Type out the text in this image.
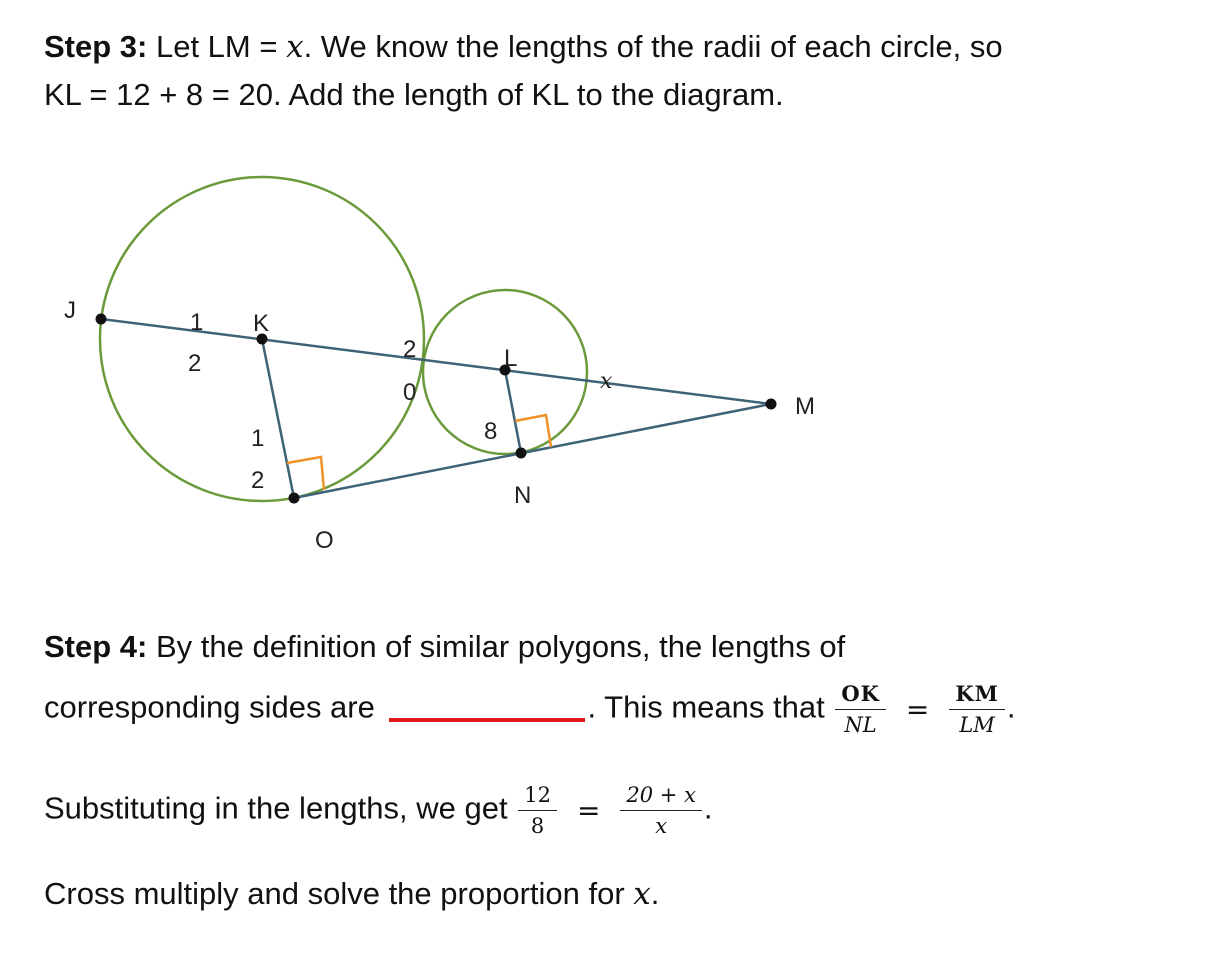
Step 3: Let LM = x. We know the lengths of the radii of each circle, so
KL = 12 + 8 = 20. Add the length of KL to the diagram.
J	K
L
M
N
O
1
2
2
0
1
2
8
x
Step 4: By the definition of similar polygons, the lengths of
corresponding sides are	. This means that $\frac{OK}{NL} = \frac{KM}{LM}$ .
Substituting in the lengths, we get $\frac{12}{8} = \frac{20 + x}{x}$ .
Cross multiply and solve the proportion for x.
